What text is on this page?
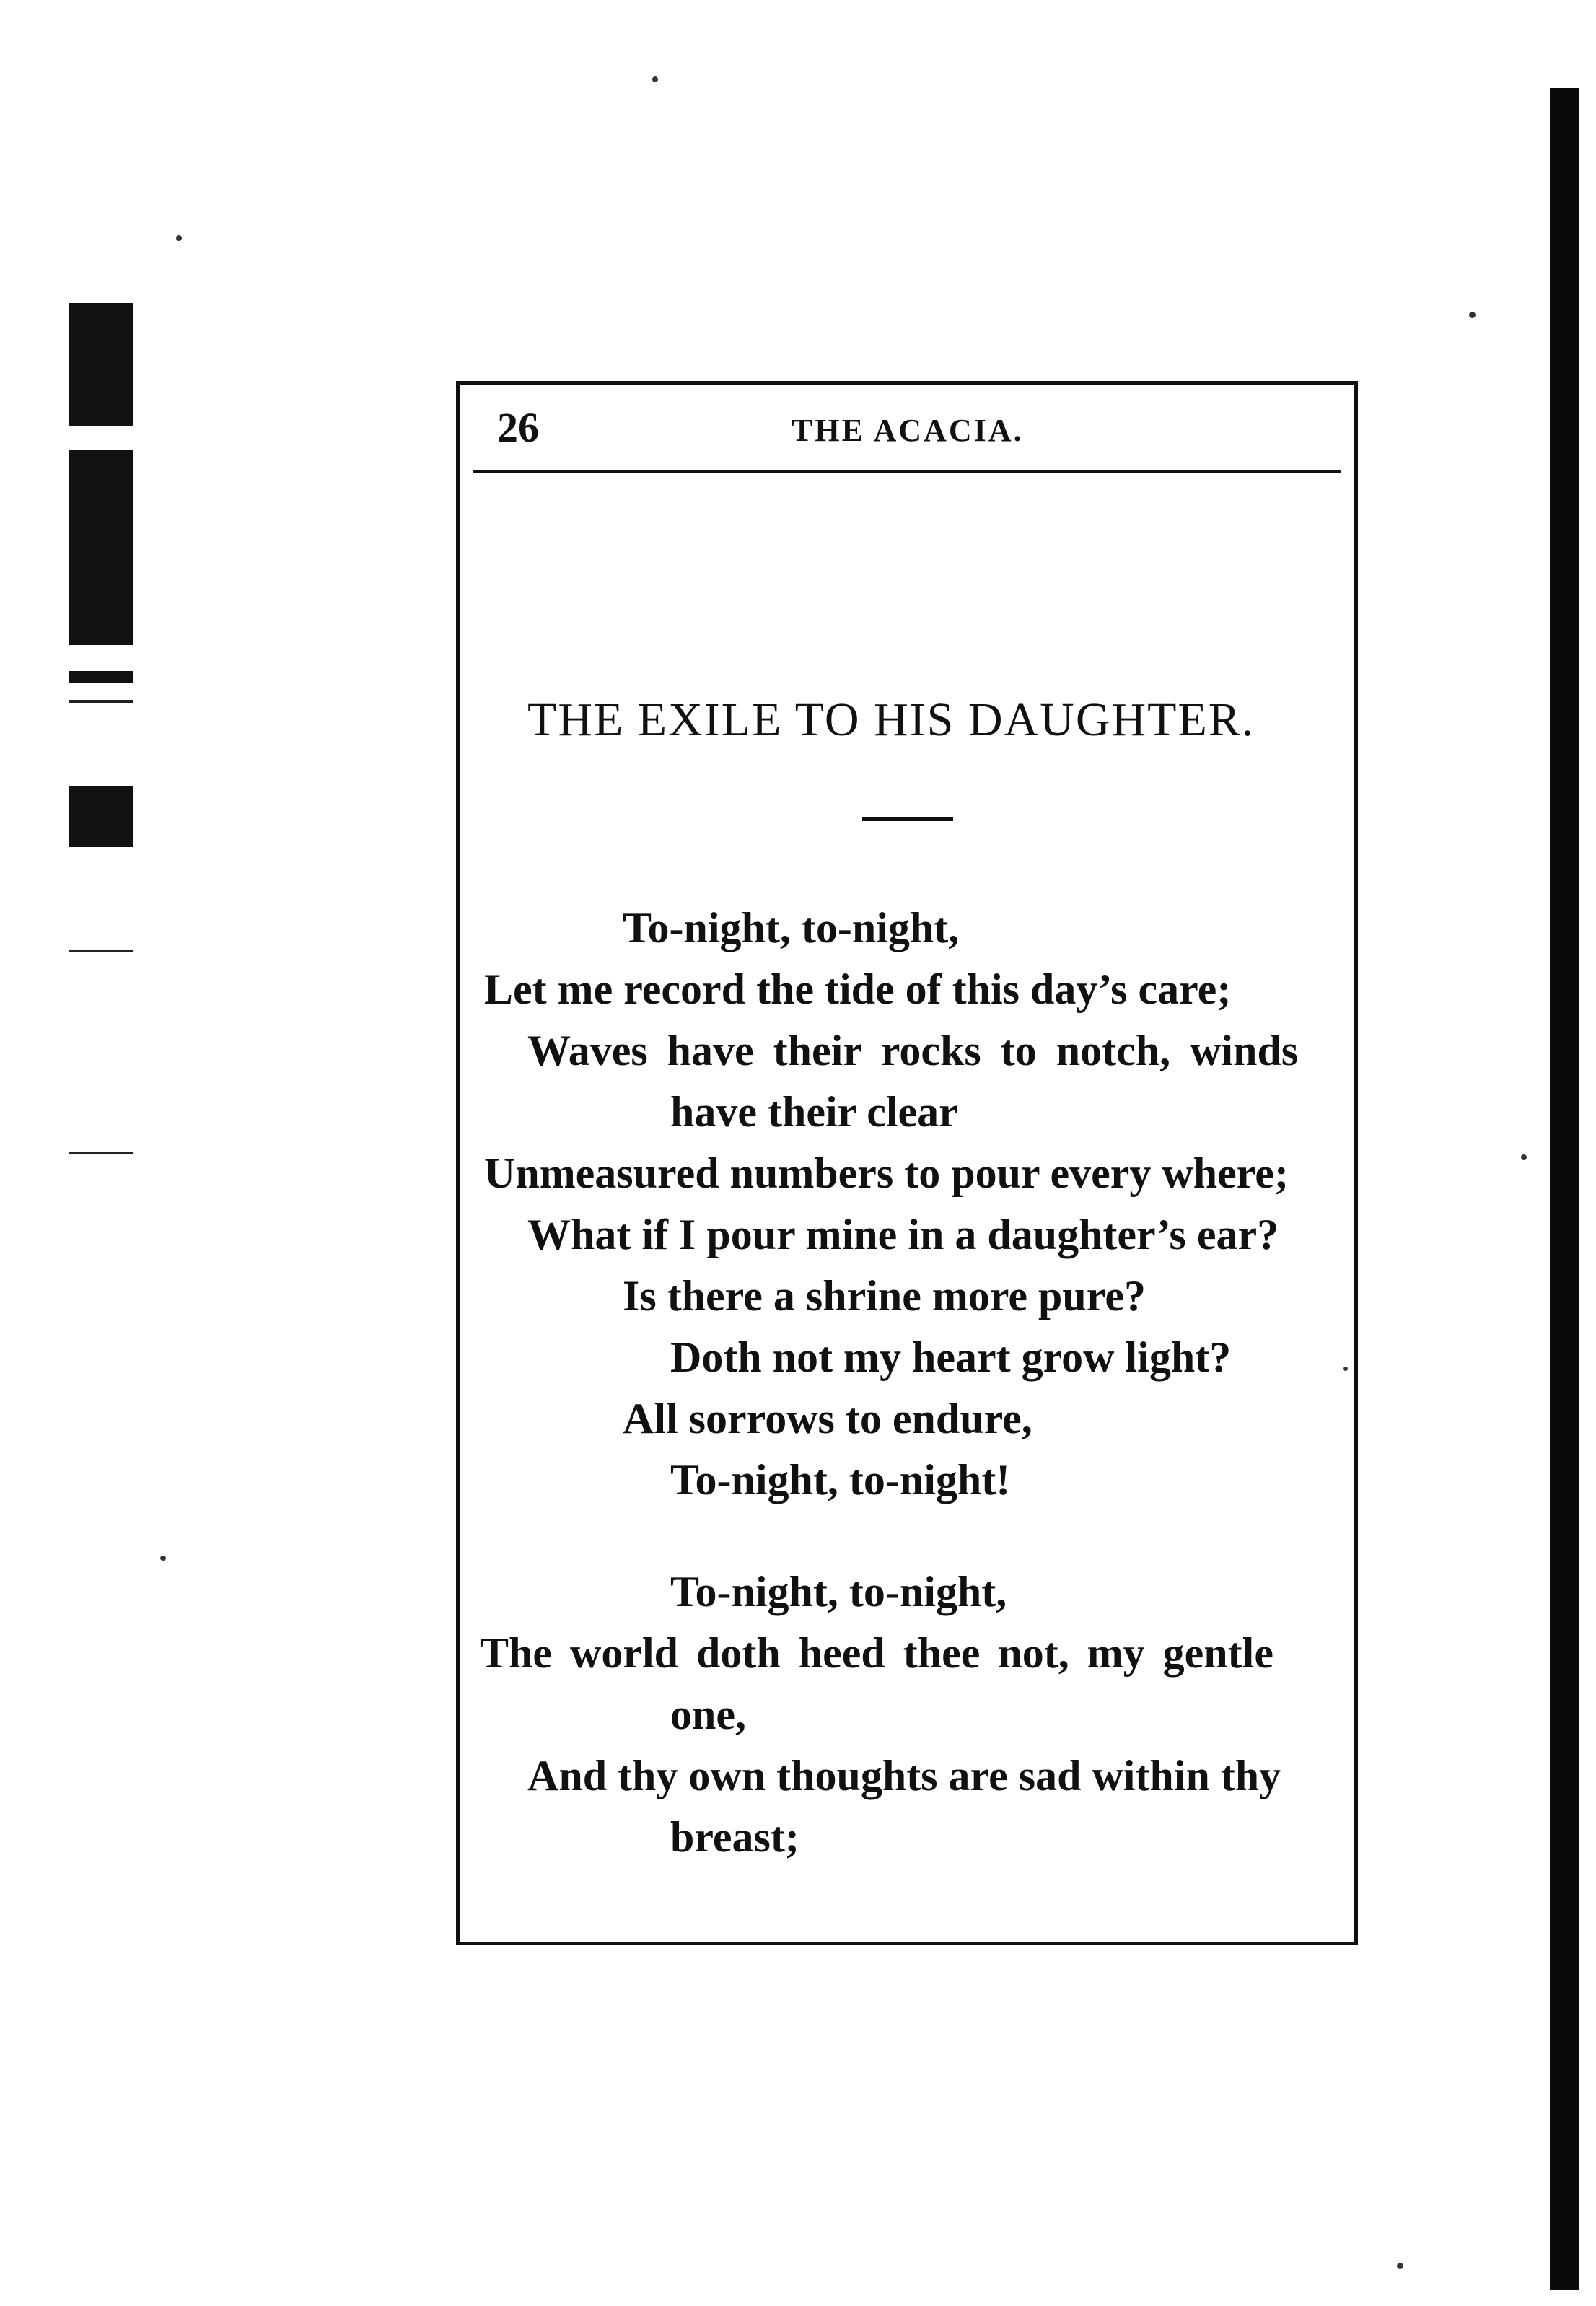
26	THE ACACIA.
THE EXILE TO HIS DAUGHTER.
To-night, to-night,
Let me record the tide of this day’s care;
Waves have their rocks to notch, winds
have their clear
Unmeasured numbers to pour every where;
What if I pour mine in a daughter’s ear?
Is there a shrine more pure?
Doth not my heart grow light?
All sorrows to endure,
To-night, to-night!
To-night, to-night,
The world doth heed thee not, my gentle
one,
And thy own thoughts are sad within thy
breast;
